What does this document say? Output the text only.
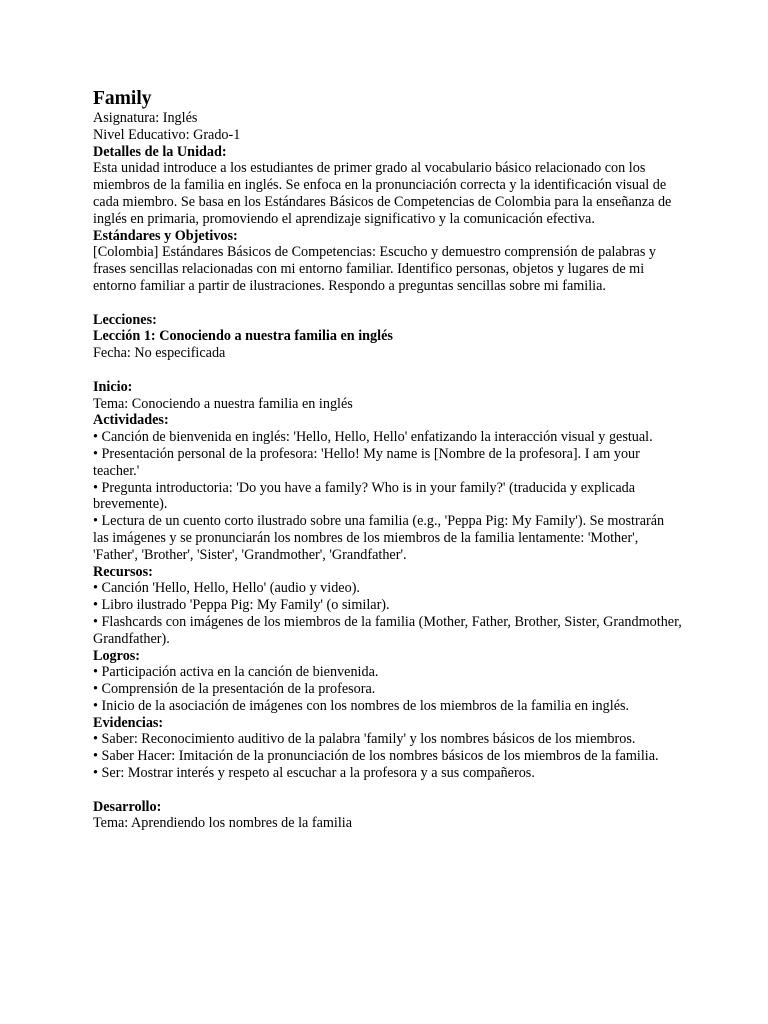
Family

Asignatura: Inglés

Nivel Educativo: Grado-1

Detalles de la Unidad:

Esta unidad introduce a los estudiantes de primer grado al vocabulario básico relacionado con los miembros de la familia en inglés. Se enfoca en la pronunciación correcta y la identificación visual de cada miembro. Se basa en los Estándares Básicos de Competencias de Colombia para la enseñanza de inglés en primaria, promoviendo el aprendizaje significativo y la comunicación efectiva.

Estándares y Objetivos:

[Colombia] Estándares Básicos de Competencias: Escucho y demuestro comprensión de palabras y frases sencillas relacionadas con mi entorno familiar. Identifico personas, objetos y lugares de mi entorno familiar a partir de ilustraciones. Respondo a preguntas sencillas sobre mi familia.

Lecciones:

Lección 1: Conociendo a nuestra familia en inglés

Fecha: No especificada

Inicio:

Tema: Conociendo a nuestra familia en inglés

Actividades:

• Canción de bienvenida en inglés: 'Hello, Hello, Hello' enfatizando la interacción visual y gestual.

• Presentación personal de la profesora: 'Hello! My name is [Nombre de la profesora]. I am your teacher.'

• Pregunta introductoria: 'Do you have a family? Who is in your family?' (traducida y explicada brevemente).

• Lectura de un cuento corto ilustrado sobre una familia (e.g., 'Peppa Pig: My Family'). Se mostrarán las imágenes y se pronunciarán los nombres de los miembros de la familia lentamente: 'Mother', 'Father', 'Brother', 'Sister', 'Grandmother', 'Grandfather'.

Recursos:

• Canción 'Hello, Hello, Hello' (audio y video).

• Libro ilustrado 'Peppa Pig: My Family' (o similar).

• Flashcards con imágenes de los miembros de la familia (Mother, Father, Brother, Sister, Grandmother, Grandfather).

Logros:

• Participación activa en la canción de bienvenida.

• Comprensión de la presentación de la profesora.

• Inicio de la asociación de imágenes con los nombres de los miembros de la familia en inglés.

Evidencias:

• Saber: Reconocimiento auditivo de la palabra 'family' y los nombres básicos de los miembros.

• Saber Hacer: Imitación de la pronunciación de los nombres básicos de los miembros de la familia.

• Ser: Mostrar interés y respeto al escuchar a la profesora y a sus compañeros.

Desarrollo:

Tema: Aprendiendo los nombres de la familia
